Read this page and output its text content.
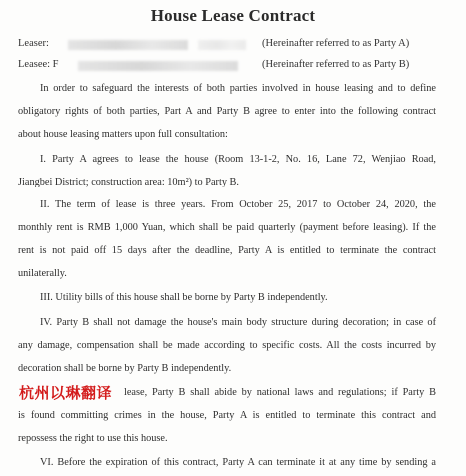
House Lease Contract
Leaser:	(Hereinafter referred to as Party A)
Leasee: F	(Hereinafter referred to as Party B)
In order to safeguard the interests of both parties involved in house leasing and to define
obligatory rights of both parties, Part A and Party B agree to enter into the following contract
about house leasing matters upon full consultation:
I. Party A agrees to lease the house (Room 13-1-2, No. 16, Lane 72, Wenjiao Road,
Jiangbei District; construction area: 10m²) to Party B.
II. The term of lease is three years. From October 25, 2017 to October 24, 2020, the
monthly rent is RMB 1,000 Yuan, which shall be paid quarterly (payment before leasing). If the
rent is not paid off 15 days after the deadline, Party A is entitled to terminate the contract
unilaterally.
III. Utility bills of this house shall be borne by Party B independently.
IV. Party B shall not damage the house's main body structure during decoration; in case of
any damage, compensation shall be made according to specific costs. All the costs incurred by
decoration shall be borne by Party B independently.
lease, Party B shall abide by national laws and regulations; if Party B
杭州以琳翻译
is found committing crimes in the house, Party A is entitled to terminate this contract and
repossess the right to use this house.
VI. Before the expiration of this contract, Party A can terminate it at any time by sending a
